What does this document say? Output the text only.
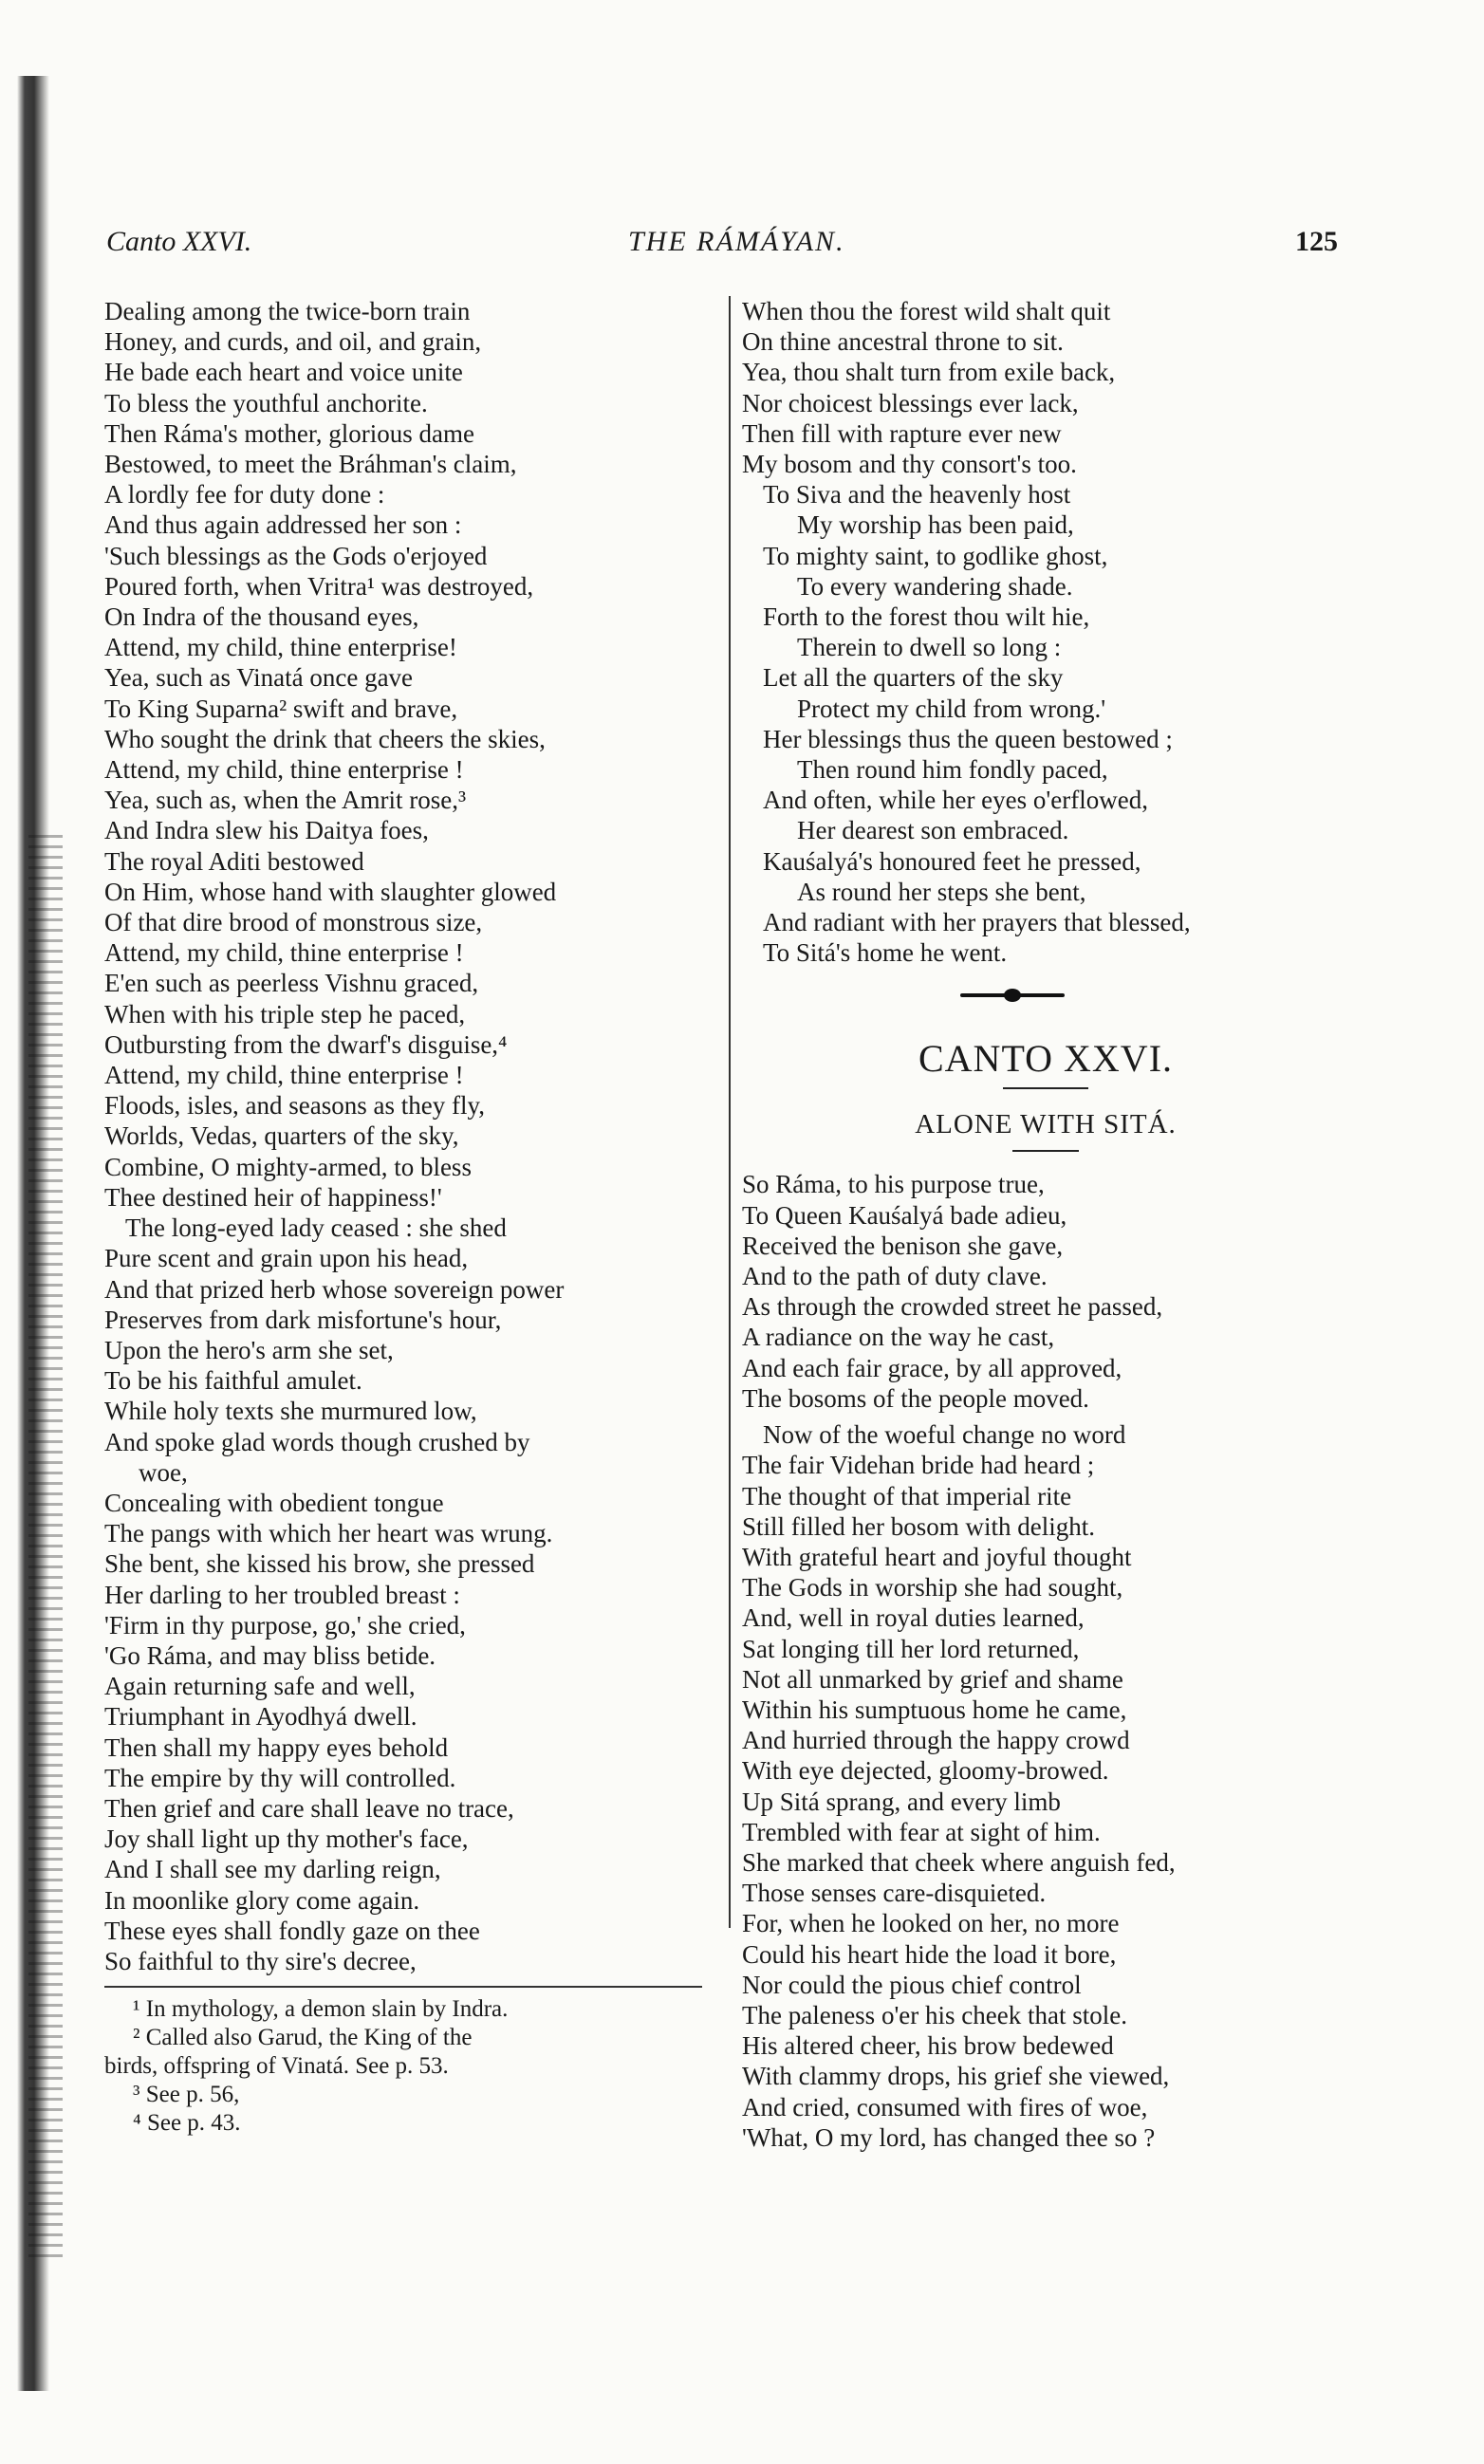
Canto XXVI.	THE RÁMÁYAN.	125
Dealing among the twice-born train
Honey, and curds, and oil, and grain,
He bade each heart and voice unite
To bless the youthful anchorite.
Then Ráma's mother, glorious dame
Bestowed, to meet the Bráhman's claim,
A lordly fee for duty done :
And thus again addressed her son :
'Such blessings as the Gods o'erjoyed
Poured forth, when Vritra¹ was destroyed,
On Indra of the thousand eyes,
Attend, my child, thine enterprise!
Yea, such as Vinatá once gave
To King Suparna² swift and brave,
Who sought the drink that cheers the skies,
Attend, my child, thine enterprise !
Yea, such as, when the Amrit rose,³
And Indra slew his Daitya foes,
The royal Aditi bestowed
On Him, whose hand with slaughter glowed
Of that dire brood of monstrous size,
Attend, my child, thine enterprise !
E'en such as peerless Vishnu graced,
When with his triple step he paced,
Outbursting from the dwarf's disguise,⁴
Attend, my child, thine enterprise !
Floods, isles, and seasons as they fly,
Worlds, Vedas, quarters of the sky,
Combine, O mighty-armed, to bless
Thee destined heir of happiness!'
The long-eyed lady ceased : she shed
Pure scent and grain upon his head,
And that prized herb whose sovereign power
Preserves from dark misfortune's hour,
Upon the hero's arm she set,
To be his faithful amulet.
While holy texts she murmured low,
And spoke glad words though crushed by
woe,
Concealing with obedient tongue
The pangs with which her heart was wrung.
She bent, she kissed his brow, she pressed
Her darling to her troubled breast :
'Firm in thy purpose, go,' she cried,
'Go Ráma, and may bliss betide.
Again returning safe and well,
Triumphant in Ayodhyá dwell.
Then shall my happy eyes behold
The empire by thy will controlled.
Then grief and care shall leave no trace,
Joy shall light up thy mother's face,
And I shall see my darling reign,
In moonlike glory come again.
These eyes shall fondly gaze on thee
So faithful to thy sire's decree,
¹ In mythology, a demon slain by Indra.
² Called also Garud, the King of the
birds, offspring of Vinatá. See p. 53.
³ See p. 56,
⁴ See p. 43.
When thou the forest wild shalt quit
On thine ancestral throne to sit.
Yea, thou shalt turn from exile back,
Nor choicest blessings ever lack,
Then fill with rapture ever new
My bosom and thy consort's too.
To Siva and the heavenly host
My worship has been paid,
To mighty saint, to godlike ghost,
To every wandering shade.
Forth to the forest thou wilt hie,
Therein to dwell so long :
Let all the quarters of the sky
Protect my child from wrong.'
Her blessings thus the queen bestowed ;
Then round him fondly paced,
And often, while her eyes o'erflowed,
Her dearest son embraced.
Kauśalyá's honoured feet he pressed,
As round her steps she bent,
And radiant with her prayers that blessed,
To Sitá's home he went.
CANTO XXVI.
ALONE WITH SITÁ.
So Ráma, to his purpose true,
To Queen Kauśalyá bade adieu,
Received the benison she gave,
And to the path of duty clave.
As through the crowded street he passed,
A radiance on the way he cast,
And each fair grace, by all approved,
The bosoms of the people moved.
Now of the woeful change no word
The fair Videhan bride had heard ;
The thought of that imperial rite
Still filled her bosom with delight.
With grateful heart and joyful thought
The Gods in worship she had sought,
And, well in royal duties learned,
Sat longing till her lord returned,
Not all unmarked by grief and shame
Within his sumptuous home he came,
And hurried through the happy crowd
With eye dejected, gloomy-browed.
Up Sitá sprang, and every limb
Trembled with fear at sight of him.
She marked that cheek where anguish fed,
Those senses care-disquieted.
For, when he looked on her, no more
Could his heart hide the load it bore,
Nor could the pious chief control
The paleness o'er his cheek that stole.
His altered cheer, his brow bedewed
With clammy drops, his grief she viewed,
And cried, consumed with fires of woe,
'What, O my lord, has changed thee so ?
